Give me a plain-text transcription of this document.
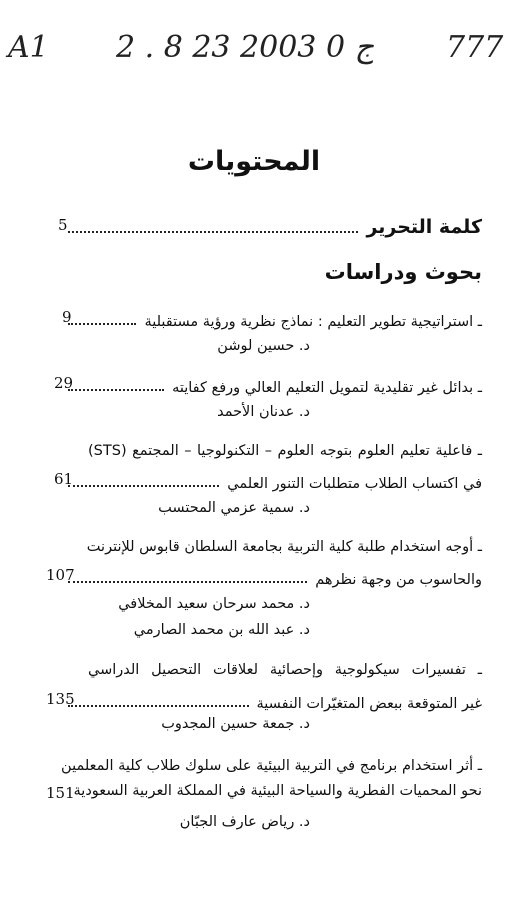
A1 2 . 8 23 ج 0 2003 777
المحتويات
كلمة التحرير
5
بحوث ودراسات
ـ استراتيجية تطوير التعليم : نماذج نظرية ورؤية مستقبلية
9
د. حسين لوشن
ـ بدائل غير تقليدية لتمويل التعليم العالي ورفع كفايته
29
د. عدنان الأحمد
ـ فاعلية تعليم العلوم بتوجه العلوم – التكنولوجيا – المجتمع (STS)
في اكتساب الطلاب متطلبات التنور العلمي
61
د. سمية عزمي المحتسب
ـ أوجه استخدام طلبة كلية التربية بجامعة السلطان قابوس للإنترنت
والحاسوب من وجهة نظرهم
107
د. محمد سرحان سعيد المخلافي
د. عبد الله بن محمد الصارمي
ـ تفسيرات سيكولوجية وإحصائية لعلاقات التحصيل الدراسي
غير المتوقعة ببعض المتغيّرات النفسية
135
د. جمعة حسين المجدوب
ـ أثر استخدام برنامج في التربية البيئية على سلوك طلاب كلية المعلمين
نحو المحميات الفطرية والسياحة البيئية في المملكة العربية السعودية
151
د. رياض عارف الجبّان
